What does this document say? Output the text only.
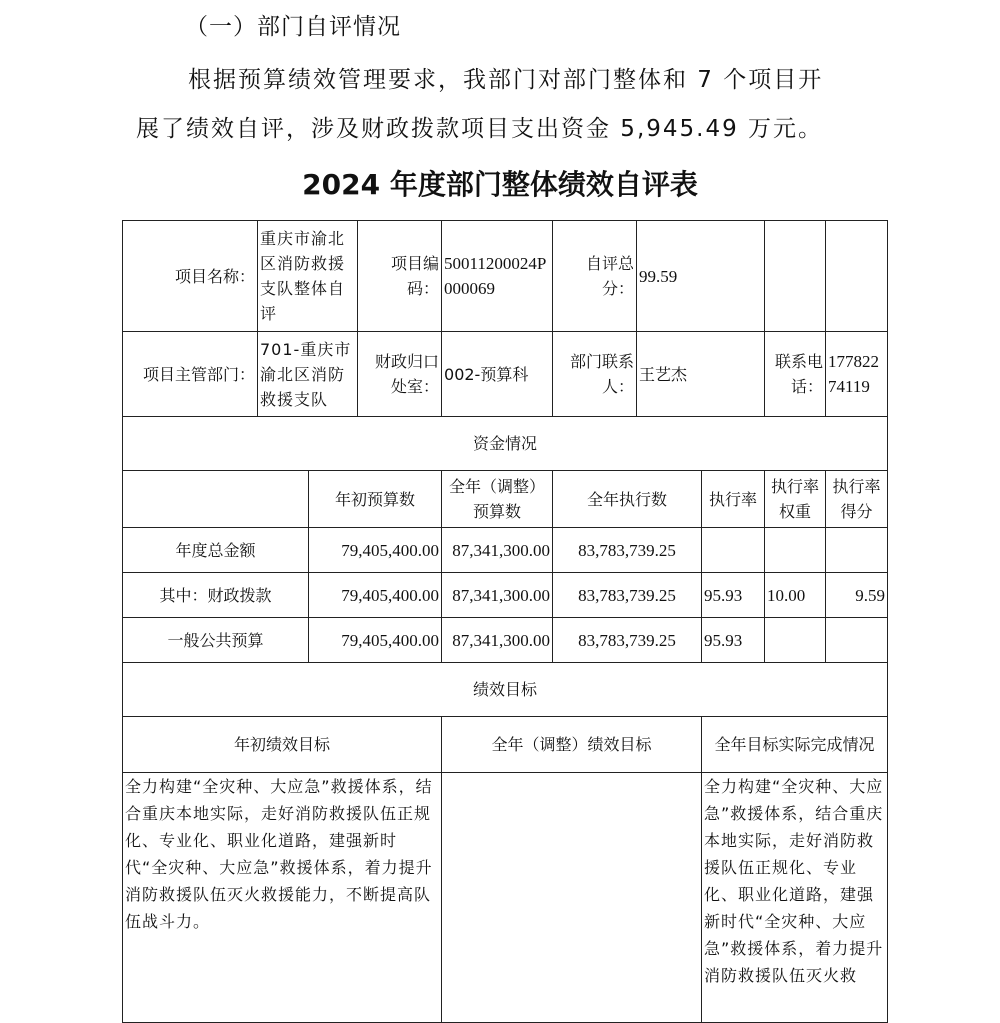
（一）部门自评情况
根据预算绩效管理要求，我部门对部门整体和 7 个项目开
展了绩效自评，涉及财政拨款项目支出资金 5,945.49 万元。
2024 年度部门整体绩效自评表
项目名称：	重庆市渝北区消防救援支队整体自评		项目编码：	50011200024P000069	自评总分：	99.59			
项目主管部门：	701-重庆市渝北区消防救援支队		财政归口处室：	002-预算科	部门联系人：	王艺杰		联系电话：	17782274119
资金情况									
		年初预算数		全年（调整）预算数	全年执行数		执行率	执行率权重	执行率得分
年度总金额		79,405,400.00		87,341,300.00	83,783,739.25				
其中：财政拨款		79,405,400.00		87,341,300.00	83,783,739.25		95.93	10.00	9.59
一般公共预算		79,405,400.00		87,341,300.00	83,783,739.25		95.93		
绩效目标									
年初绩效目标				全年（调整）绩效目标			全年目标实际完成情况		
全力构建“全灾种、大应急”救援体系，结合重庆本地实际，走好消防救援队伍正规化、专业化、职业化道路，建强新时代“全灾种、大应急”救援体系，着力提升消防救援队伍灭火救援能力，不断提高队伍战斗力。							全力构建“全灾种、大应急”救援体系，结合重庆本地实际，走好消防救援队伍正规化、专业化、职业化道路，建强新时代“全灾种、大应急”救援体系，着力提升消防救援队伍灭火救		
